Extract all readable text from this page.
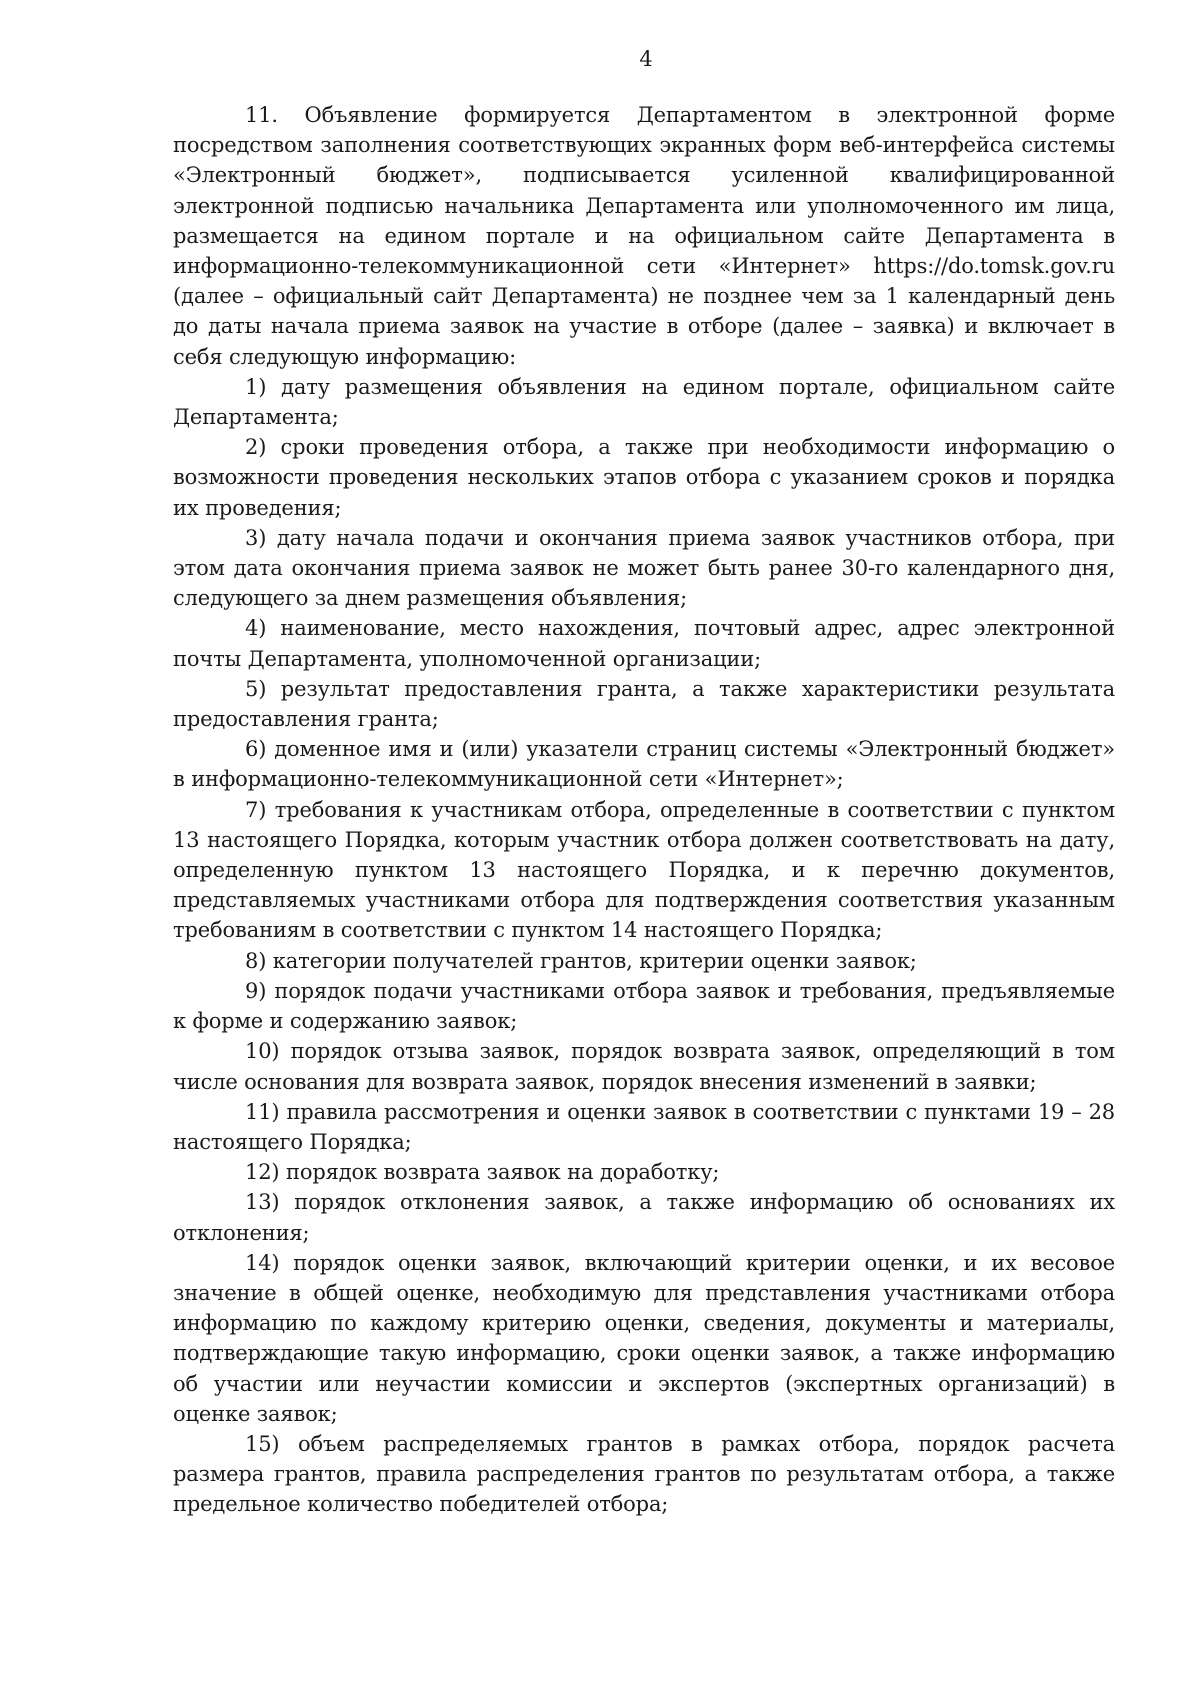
4

11. Объявление формируется Департаментом в электронной форме посредством заполнения соответствующих экранных форм веб-интерфейса системы «Электронный бюджет», подписывается усиленной квалифицированной электронной подписью начальника Департамента или уполномоченного им лица, размещается на едином портале и на официальном сайте Департамента в информационно-телекоммуникационной сети «Интернет» https://do.tomsk.gov.ru (далее – официальный сайт Департамента) не позднее чем за 1 календарный день до даты начала приема заявок на участие в отборе (далее – заявка) и включает в себя следующую информацию:

1) дату размещения объявления на едином портале, официальном сайте Департамента;

2) сроки проведения отбора, а также при необходимости информацию о возможности проведения нескольких этапов отбора с указанием сроков и порядка их проведения;

3) дату начала подачи и окончания приема заявок участников отбора, при этом дата окончания приема заявок не может быть ранее 30-го календарного дня, следующего за днем размещения объявления;

4) наименование, место нахождения, почтовый адрес, адрес электронной почты Департамента, уполномоченной организации;

5) результат предоставления гранта, а также характеристики результата предоставления гранта;

6) доменное имя и (или) указатели страниц системы «Электронный бюджет» в информационно-телекоммуникационной сети «Интернет»;

7) требования к участникам отбора, определенные в соответствии с пунктом 13 настоящего Порядка, которым участник отбора должен соответствовать на дату, определенную пунктом 13 настоящего Порядка, и к перечню документов, представляемых участниками отбора для подтверждения соответствия указанным требованиям в соответствии с пунктом 14 настоящего Порядка;

8) категории получателей грантов, критерии оценки заявок;

9) порядок подачи участниками отбора заявок и требования, предъявляемые к форме и содержанию заявок;

10) порядок отзыва заявок, порядок возврата заявок, определяющий в том числе основания для возврата заявок, порядок внесения изменений в заявки;

11) правила рассмотрения и оценки заявок в соответствии с пунктами 19 – 28 настоящего Порядка;

12) порядок возврата заявок на доработку;

13) порядок отклонения заявок, а также информацию об основаниях их отклонения;

14) порядок оценки заявок, включающий критерии оценки, и их весовое значение в общей оценке, необходимую для представления участниками отбора информацию по каждому критерию оценки, сведения, документы и материалы, подтверждающие такую информацию, сроки оценки заявок, а также информацию об участии или неучастии комиссии и экспертов (экспертных организаций) в оценке заявок;

15) объем распределяемых грантов в рамках отбора, порядок расчета размера грантов, правила распределения грантов по результатам отбора, а также предельное количество победителей отбора;
